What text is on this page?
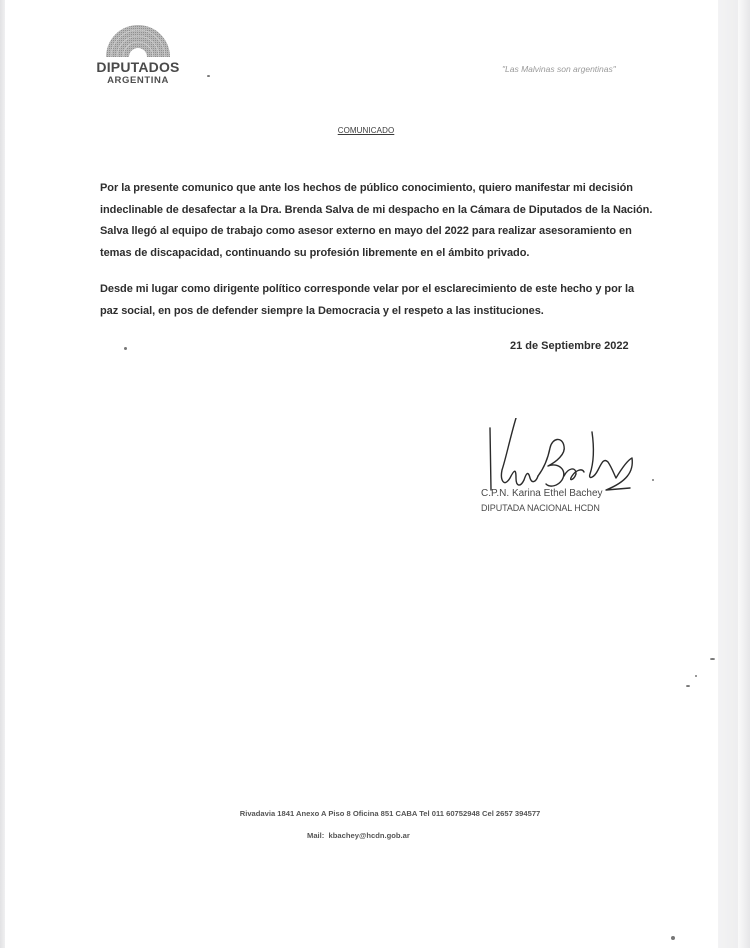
DIPUTADOS
ARGENTINA
"Las Malvinas son argentinas"
COMUNICADO
Por la presente comunico que ante los hechos de público conocimiento, quiero manifestar mi decisión
indeclinable de desafectar a la Dra. Brenda Salva de mi despacho en la Cámara de Diputados de la Nación.
Salva llegó al equipo de trabajo como asesor externo en mayo del 2022 para realizar asesoramiento en
temas de discapacidad, continuando su profesión libremente en el ámbito privado.
Desde mi lugar como dirigente político corresponde velar por el esclarecimiento de este hecho y por la
paz social, en pos de defender siempre la Democracia y el respeto a las instituciones.
21 de Septiembre 2022
C.P.N. Karina Ethel Bachey
DIPUTADA NACIONAL HCDN
Rivadavia 1841 Anexo A Piso 8 Oficina 851 CABA Tel 011 60752948 Cel 2657 394577
Mail: kbachey@hcdn.gob.ar
